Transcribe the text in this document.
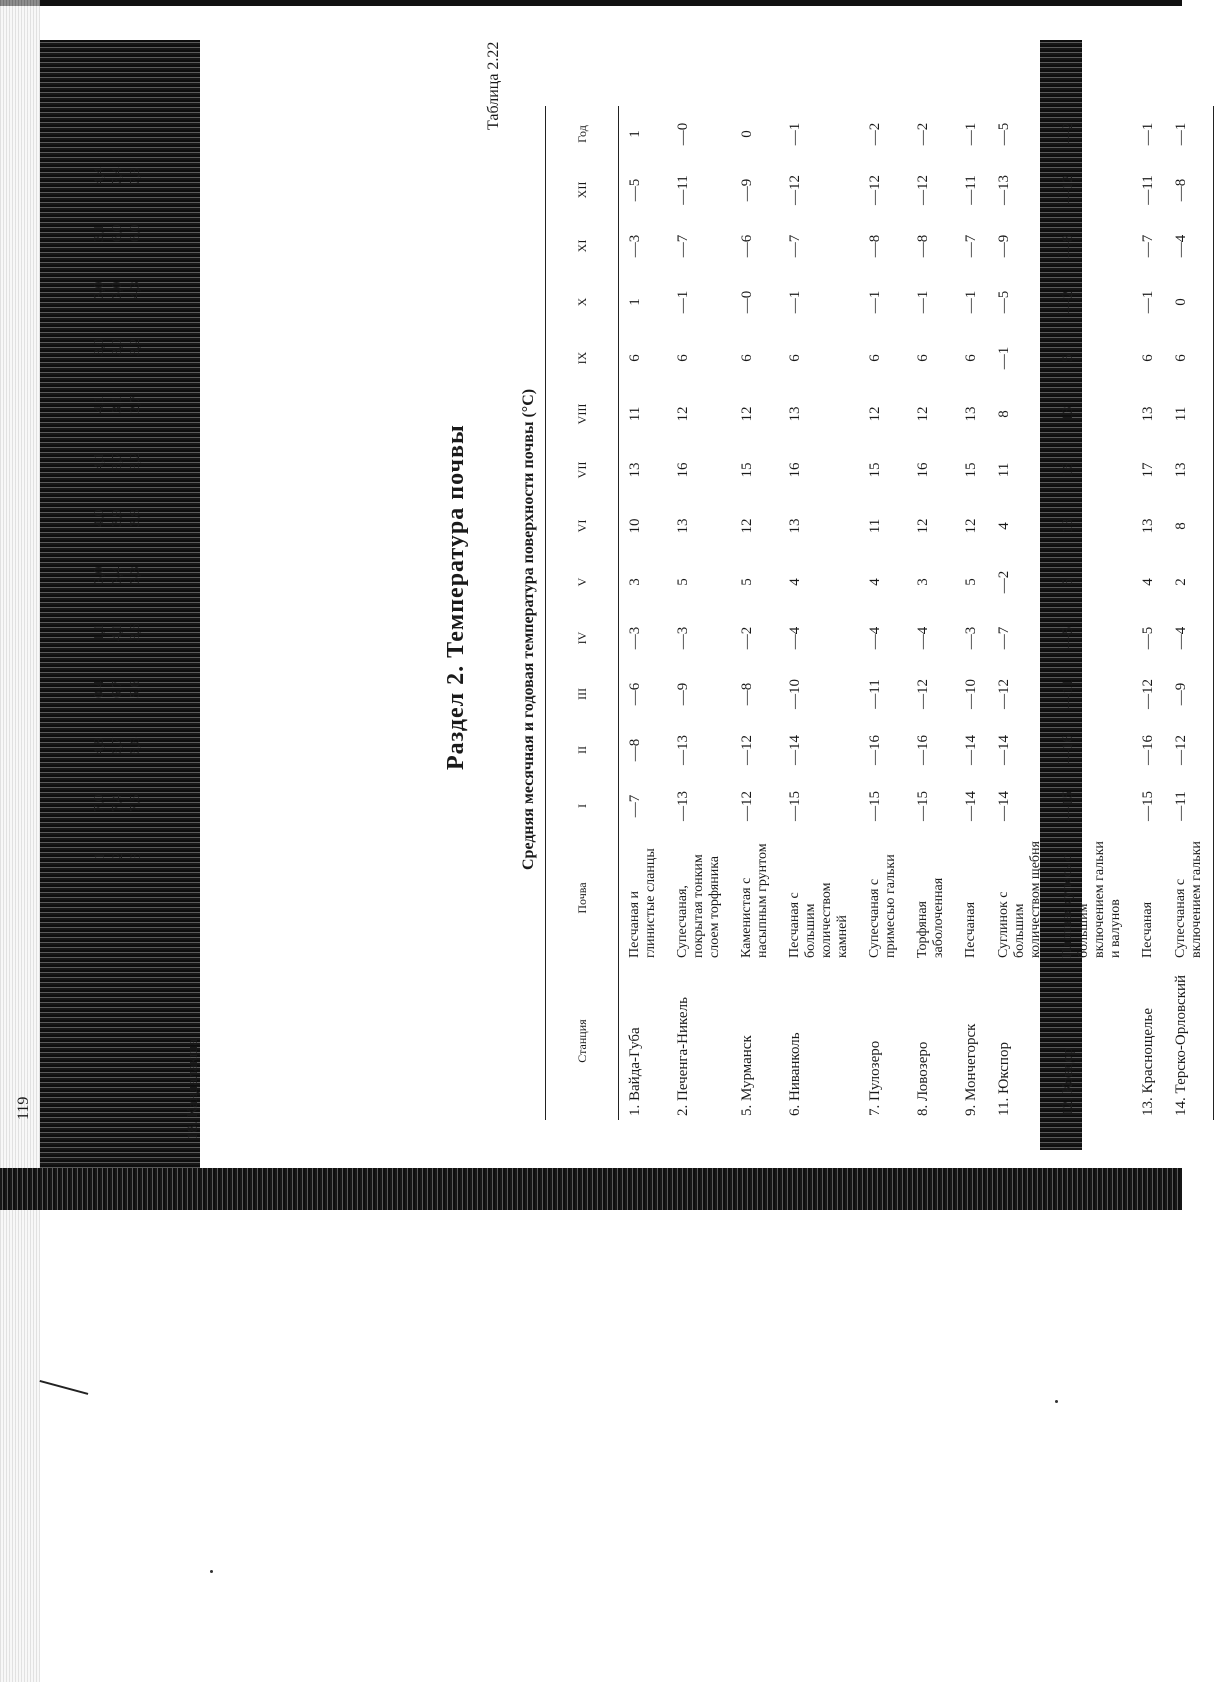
18. Кандалакша
1 2 3
7,04,80,41,13,04,04,14,13,03,03,14,4
7,46,76,74,13,43,93,73,13,03,06,07,4
7,56,65,63,63,33,83,22,73,24,36,07,3
Раздел 2. Температура почвы
Таблица 2.22
Средняя месячная и годовая температура поверхности почвы (°C)
Станция	Почва	I	II	III	IV	V	VI	VII	VIII	IX	X	XI	XII	Год
1. Вайда-Губа	Песчаная и глинистые сланцы	—7	—8	—6	—3	3	10	13	11	6	1	—3	—5	1
2. Печенга-Никель	Супесчаная, покрытая тонким слоем торфяника	—13	—13	—9	—3	5	13	16	12	6	—1	—7	—11	—0
5. Мурманск	Каменистая с насыпным грунтом	—12	—12	—8	—2	5	12	15	12	6	—0	—6	—9	0
6. Ниванколь	Песчаная с большим количеством камней	—15	—14	—10	—4	4	13	16	13	6	—1	—7	—12	—1
7. Пулозеро	Супесчаная с примесью гальки	—15	—16	—11	—4	4	11	15	12	6	—1	—8	—12	—2
8. Ловозеро	Торфяная заболоченная	—15	—16	—12	—4	3	12	16	12	6	—1	—8	—12	—2
9. Мончегорск	Песчаная	—14	—14	—10	—3	5	12	15	13	6	—1	—7	—11	—1
11. Юкспор	Суглинок с большим количеством щебня	—14	—14	—12	—7	—2	4	11	8	—1	—5	—9	—13	—5
12. Ковдор	Плотная супесь с большим включением гальки и валунов	—15	—16	—11	—5	5	13	16	13	5	—2	—8	—12	—2
13. Краснощелье	Песчаная	—15	—16	—12	—5	4	13	17	13	6	—1	—7	—11	—1
14. Терско-Орловский	Супесчаная с включением гальки	—11	—12	—9	—4	2	8	13	11	6	0	—4	—8	—1
119
